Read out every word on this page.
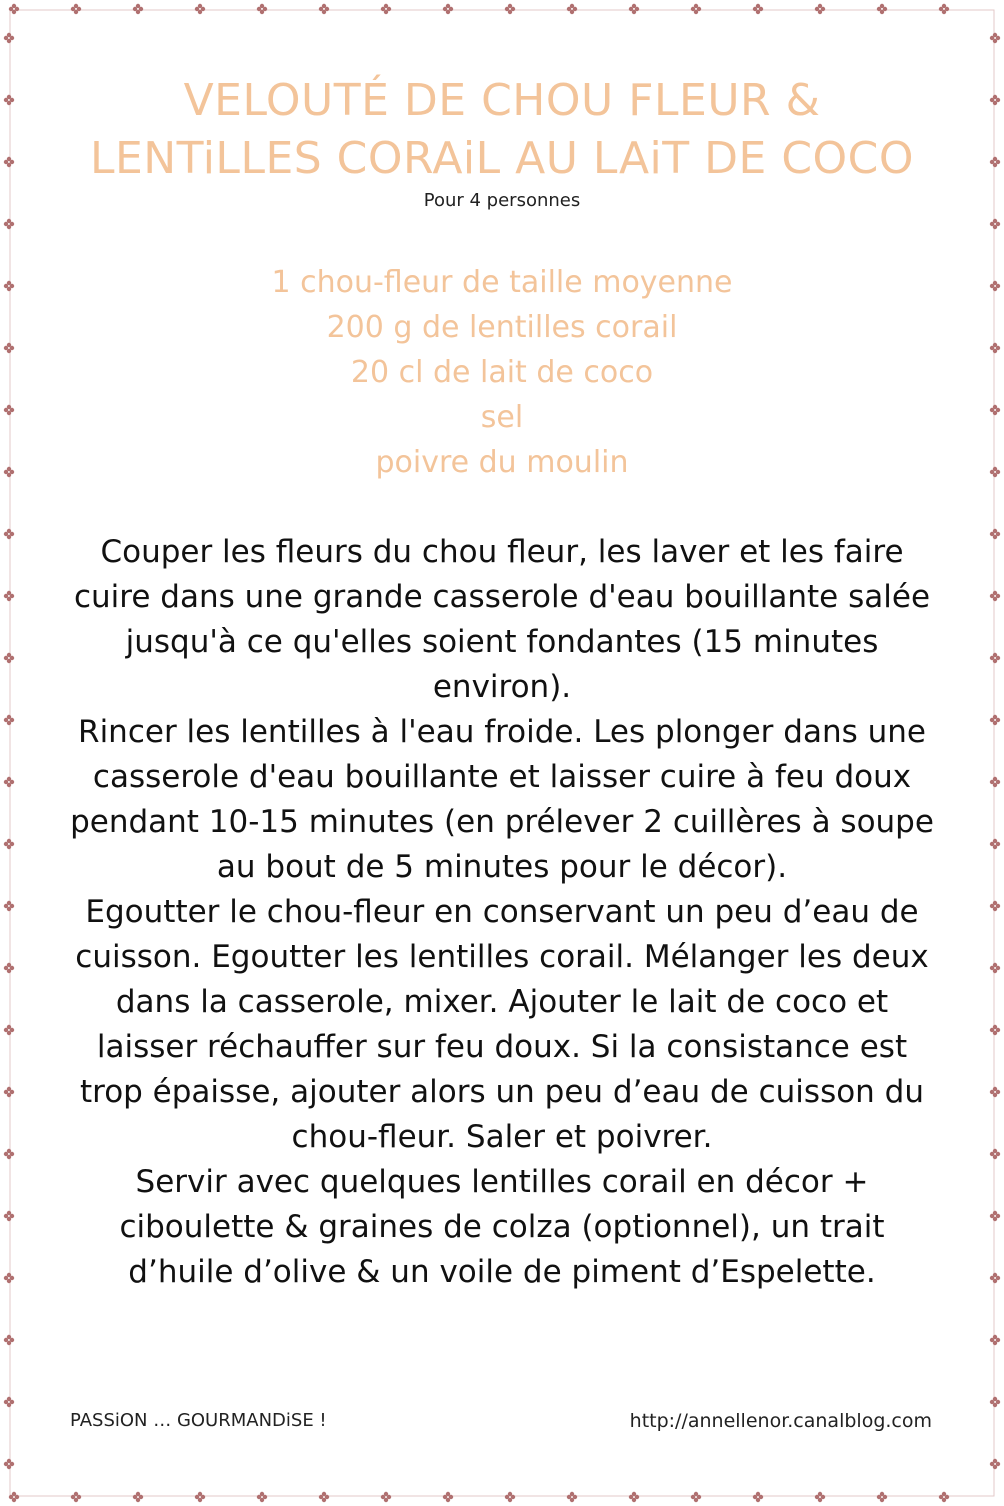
VELOUTÉ DE CHOU FLEUR &
LENTiLLES CORAiL AU LAiT DE COCO
Pour 4 personnes
1 chou-fleur de taille moyenne
200 g de lentilles corail
20 cl de lait de coco
sel
poivre du moulin

Couper les fleurs du chou fleur, les laver et les faire cuire dans une grande casserole d'eau bouillante salée jusqu'à ce qu'elles soient fondantes (15 minutes environ).

Rincer les lentilles à l'eau froide. Les plonger dans une casserole d'eau bouillante et laisser cuire à feu doux pendant 10-15 minutes (en prélever 2 cuillères à soupe au bout de 5 minutes pour le décor).

Egoutter le chou-fleur en conservant un peu d’eau de cuisson. Egoutter les lentilles corail. Mélanger les deux dans la casserole, mixer. Ajouter le lait de coco et laisser réchauffer sur feu doux. Si la consistance est trop épaisse, ajouter alors un peu d’eau de cuisson du chou-fleur. Saler et poivrer.

Servir avec quelques lentilles corail en décor + ciboulette & graines de colza (optionnel), un trait d’huile d’olive & un voile de piment d’Espelette.

PASSiON … GOURMANDiSE !	http://annellenor.canalblog.com
